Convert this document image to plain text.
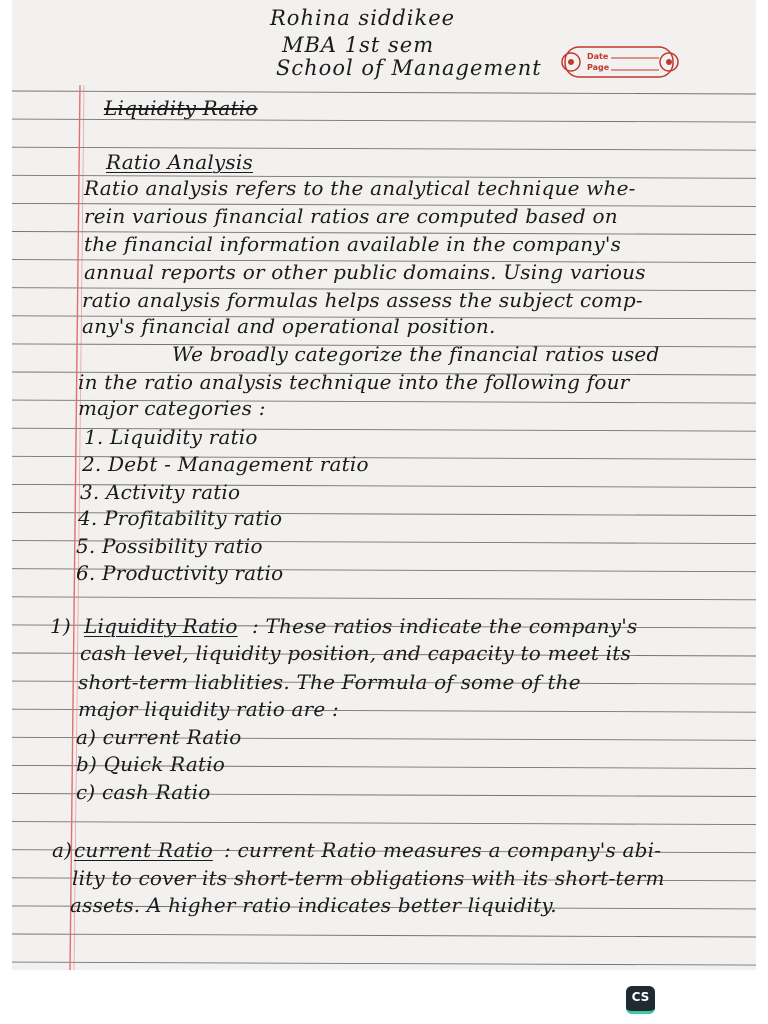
Rohina siddikee
MBA 1st sem
School of Management	Date
Page
Liquidity Ratio
Ratio Analysis
Ratio analysis refers to the analytical technique whe-
rein various financial ratios are computed based on
the financial information available in the company's
annual reports or other public domains. Using various
ratio analysis formulas helps assess the subject comp-
any's financial and operational position.
We broadly categorize the financial ratios used
in the ratio analysis technique into the following four
major categories :
1. Liquidity ratio
2. Debt - Management ratio
3. Activity ratio
4. Profitability ratio
5. Possibility ratio
6. Productivity ratio
1) Liquidity Ratio : These ratios indicate the company's
cash level, liquidity position, and capacity to meet its
short-term liablities. The Formula of some of the
major liquidity ratio are :
a) current Ratio
b) Quick Ratio
c) cash Ratio
a) current Ratio : current Ratio measures a company's abi-
lity to cover its short-term obligations with its short-term
assets. A higher ratio indicates better liquidity.
CS
